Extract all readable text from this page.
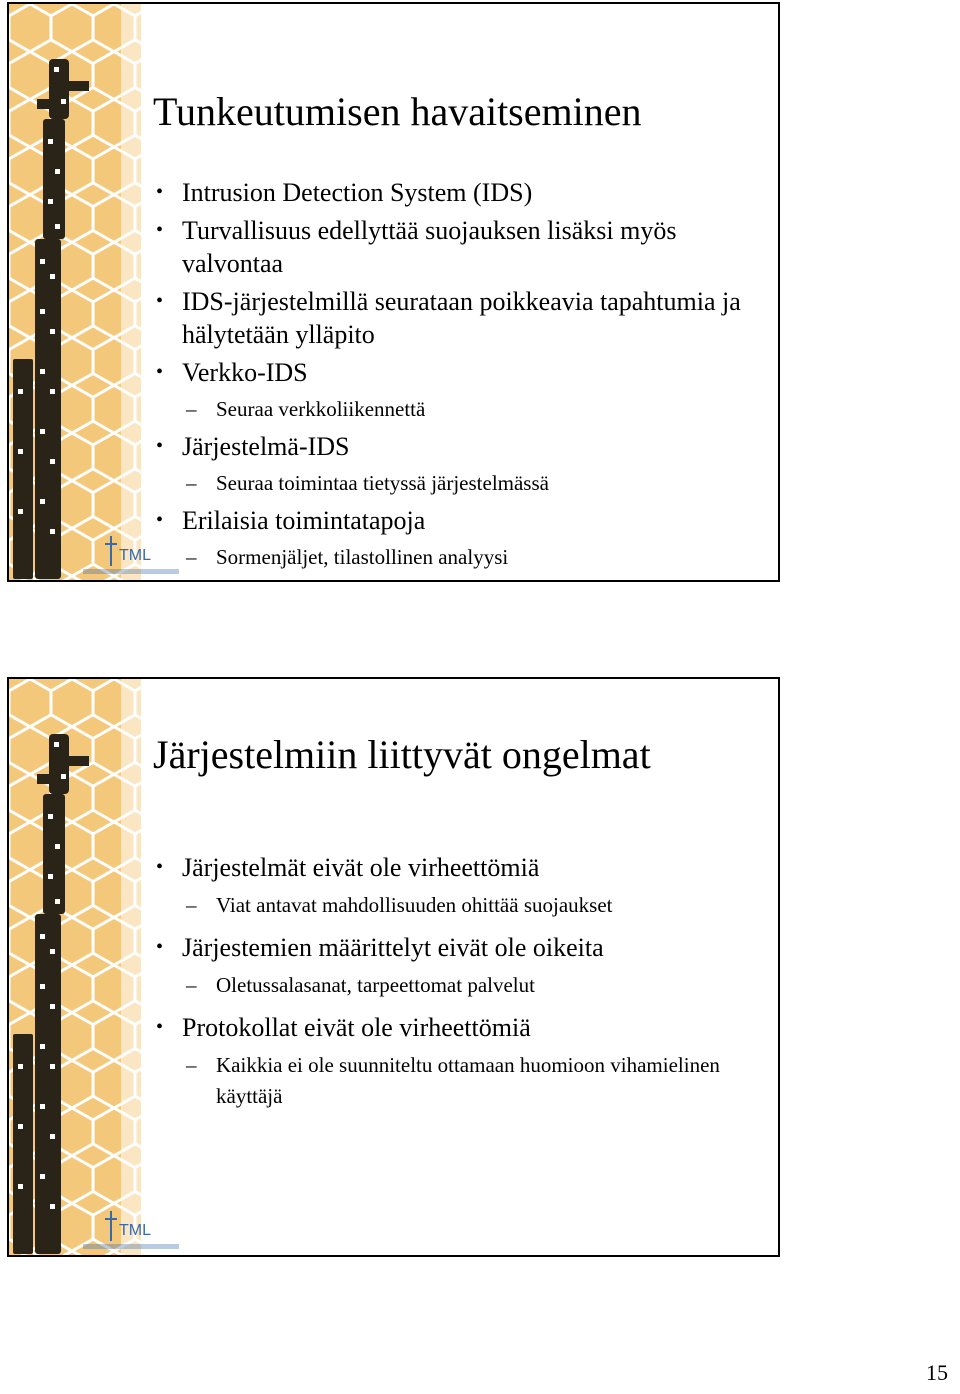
TML
Tunkeutumisen havaitseminen
• Intrusion Detection System (IDS)
• Turvallisuus edellyttää suojauksen lisäksi myös valvontaa
• IDS-järjestelmillä seurataan poikkeavia tapahtumia ja hälytetään ylläpito
• Verkko-IDS
– Seuraa verkkoliikennettä
• Järjestelmä-IDS
– Seuraa toimintaa tietyssä järjestelmässä
• Erilaisia toimintatapoja
– Sormenjäljet, tilastollinen analyysi
TML
Järjestelmiin liittyvät ongelmat
• Järjestelmät eivät ole virheettömiä
– Viat antavat mahdollisuuden ohittää suojaukset
• Järjestemien määrittelyt eivät ole oikeita
– Oletussalasanat, tarpeettomat palvelut
• Protokollat eivät ole virheettömiä
– Kaikkia ei ole suunniteltu ottamaan huomioon vihamielinen käyttäjä
15
